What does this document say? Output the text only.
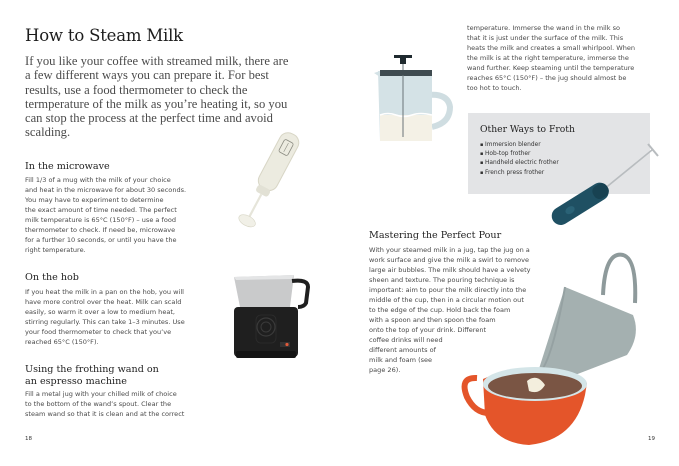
How to Steam Milk
If you like your coffee with streamed milk, there are a few different ways you can prepare it. For best results, use a food thermometer to check the termperature of the milk as you’re heating it, so you can stop the process at the perfect time and avoid scalding.
In the microwave
Fill 1/3 of a mug with the milk of your choice
and heat in the microwave for about 30 seconds.
You may have to experiment to determine
the exact amount of time needed. The perfect
milk temperature is 65°C (150°F) – use a food
thermometer to check. If need be, microwave
for a further 10 seconds, or until you have the
right temperature.
On the hob
If you heat the milk in a pan on the hob, you will
have more control over the heat. Milk can scald
easily, so warm it over a low to medium heat,
stirring regularly. This can take 1–3 minutes. Use
your food thermometer to check that you’ve
reached 65°C (150°F).
Using the frothing wand on
an espresso machine
Fill a metal jug with your chilled milk of choice
to the bottom of the wand’s spout. Clear the
steam wand so that it is clean and at the correct
18
temperature. Immerse the wand in the milk so
that it is just under the surface of the milk. This
heats the milk and creates a small whirlpool. When
the milk is at the right temperature, immerse the
wand further. Keep steaming until the temperature
reaches 65°C (150°F) – the jug should almost be
too hot to touch.
Other Ways to Froth
▪ Immersion blender
▪ Hob-top frother
▪ Handheld electric frother
▪ French press frother
Mastering the Perfect Pour
With your steamed milk in a jug, tap the jug on a
work surface and give the milk a swirl to remove
large air bubbles. The milk should have a velvety
sheen and texture. The pouring technique is
important: aim to pour the milk directly into the
middle of the cup, then in a circular motion out
to the edge of the cup. Hold back the foam
with a spoon and then spoon the foam
onto the top of your drink. Different
coffee drinks will need
different amounts of
milk and foam (see
page 26).
19
